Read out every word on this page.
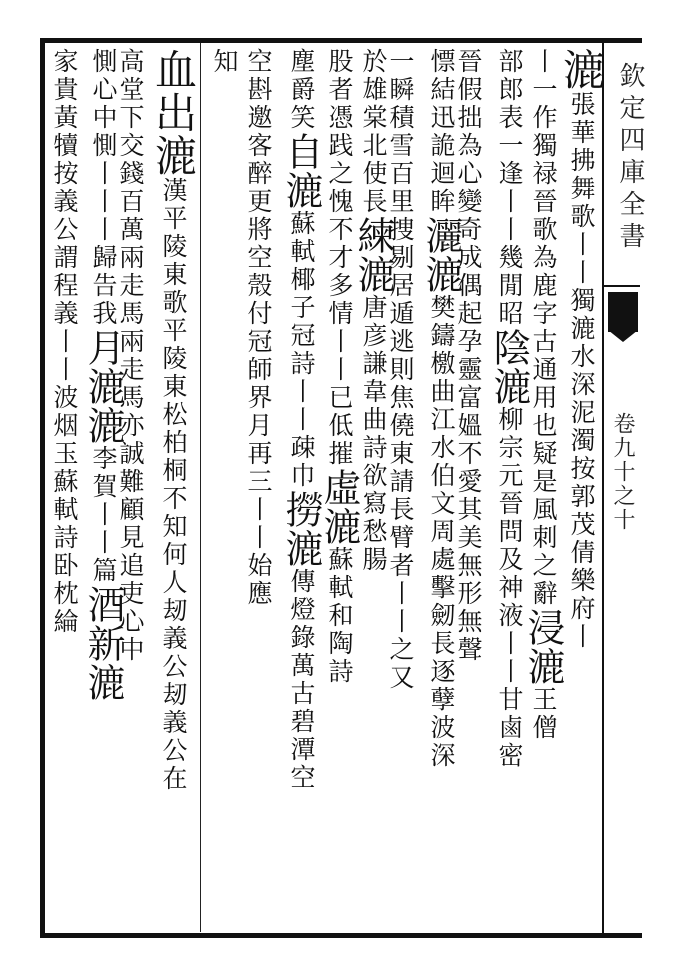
欽定四庫全書
卷九十之十
漉張華拂舞歌丨丨獨漉水深泥濁按郭茂倩樂府丨
丨一作獨禄晉歌為鹿字古通用也疑是風刺之辭浸漉王僧
部郎表一逢丨丨幾閒昭陰漉柳宗元晉問及神液丨丨甘鹵密
晉假拙為心變奇成偶起孕靈富媼不愛其美無形無聲
慓結迅詭迴眸灑漉樊鑄檄曲江水伯文周處擊劒長逐孽波深
一瞬積雪百里捜剔居遁逃則焦僥東請長臂者丨丨之又
於雄棠北使長練漉唐彦謙韋曲詩欲寫愁腸
股者憑践之愧不才多情丨丨已低摧虛漉蘇軾和陶詩
塵爵笑自漉蘇軾椰子冠詩丨丨疎巾撈漉傳燈錄萬古碧潭空
空斟邀客醉更將空殼付冠師界月再三丨丨始應
知
血出漉漢平陵東歌平陵東松柏桐不知何人刼義公刼義公在
高堂下交錢百萬兩走馬兩走馬亦誠難顧見追吏心中
惻心中惻丨丨丨歸告我月漉漉李賀丨丨篇酒新漉
家貴黃犢按義公謂程義丨丨波烟玉蘇軾詩卧枕綸
